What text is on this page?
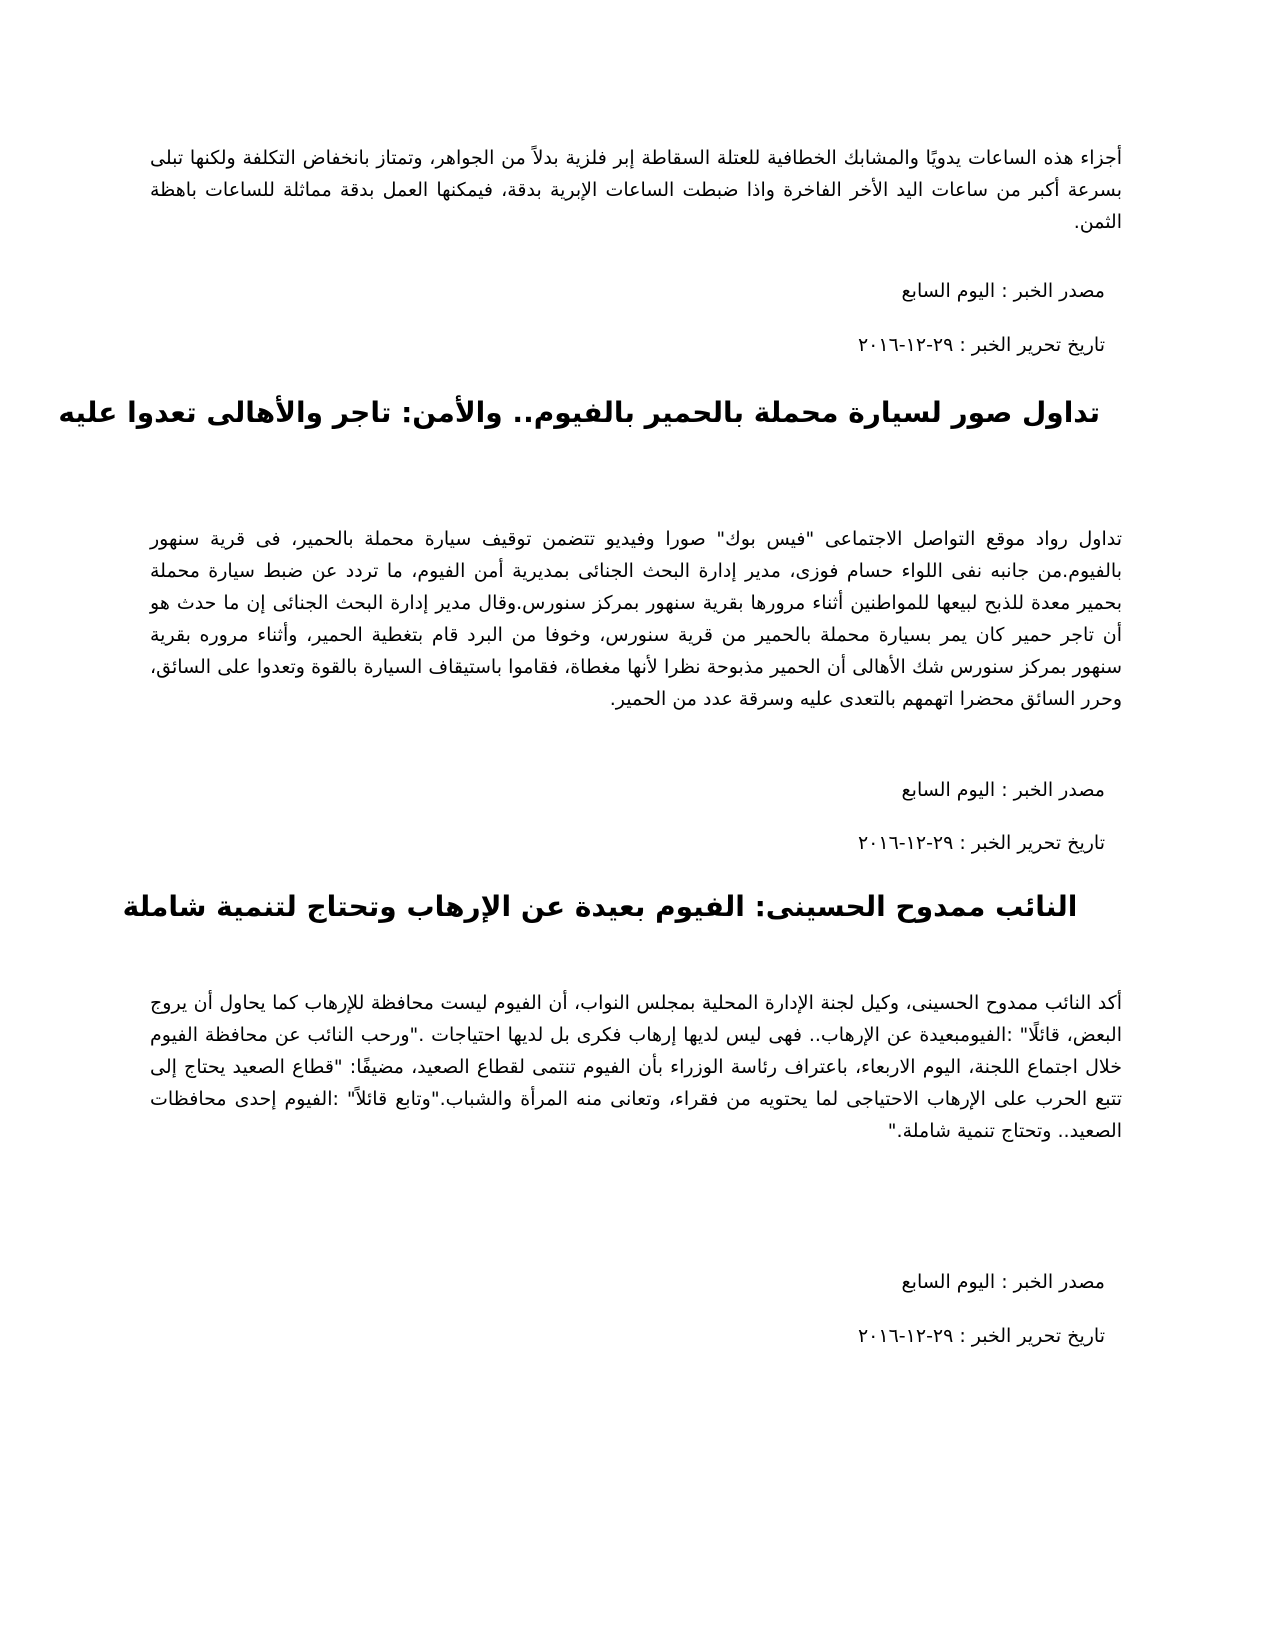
أجزاء هذه الساعات يدويًا والمشابك الخطافية للعتلة السقاطة إبر فلزية بدلاً من الجواهر، وتمتاز بانخفاض التكلفة ولكنها تبلى بسرعة أكبر من ساعات اليد الأخر الفاخرة واذا ضبطت الساعات الإبرية بدقة، فيمكنها العمل بدقة مماثلة للساعات باهظة الثمن.

مصدر الخبر:اليوم السابع

تاريخ تحرير الخبر:٢٩-١٢-٢٠١٦

تداول صور لسيارة محملة بالحمير بالفيوم.. والأمن: تاجر والأهالى تعدوا عليه

تداول رواد موقع التواصل الاجتماعى "فيس بوك" صورا وفيديو تتضمن توقيف سيارة محملة بالحمير، فى قرية سنهور بالفيوم.من جانبه نفى اللواء حسام فوزى، مدير إدارة البحث الجنائى بمديرية أمن الفيوم، ما تردد عن ضبط سيارة محملة بحمير معدة للذبح لبيعها للمواطنين أثناء مرورها بقرية سنهور بمركز سنورس.وقال مدير إدارة البحث الجنائى إن ما حدث هو أن تاجر حمير كان يمر بسيارة محملة بالحمير من قرية سنورس، وخوفا من البرد قام بتغطية الحمير، وأثناء مروره بقرية سنهور بمركز سنورس شك الأهالى أن الحمير مذبوحة نظرا لأنها مغطاة، فقاموا باستيقاف السيارة بالقوة وتعدوا على السائق، وحرر السائق محضرا اتهمهم بالتعدى عليه وسرقة عدد من الحمير.

مصدر الخبر:اليوم السابع

تاريخ تحرير الخبر:٢٩-١٢-٢٠١٦

النائب ممدوح الحسينى: الفيوم بعيدة عن الإرهاب وتحتاج لتنمية شاملة

أكد النائب ممدوح الحسينى، وكيل لجنة الإدارة المحلية بمجلس النواب، أن الفيوم ليست محافظة للإرهاب كما يحاول أن يروج البعض، قائلًا" :الفيومبعيدة عن الإرهاب.. فهى ليس لديها إرهاب فكرى بل لديها احتياجات ."ورحب النائب عن محافظة الفيوم خلال اجتماع اللجنة، اليوم الاربعاء، باعتراف رئاسة الوزراء بأن الفيوم تنتمى لقطاع الصعيد، مضيفًا: "قطاع الصعيد يحتاج إلى تتبع الحرب على الإرهاب الاحتياجى لما يحتويه من فقراء، وتعانى منه المرأة والشباب."وتابع قائلاً" :الفيوم إحدى محافظات الصعيد.. وتحتاج تنمية شاملة."

مصدر الخبر:اليوم السابع

تاريخ تحرير الخبر:٢٩-١٢-٢٠١٦
